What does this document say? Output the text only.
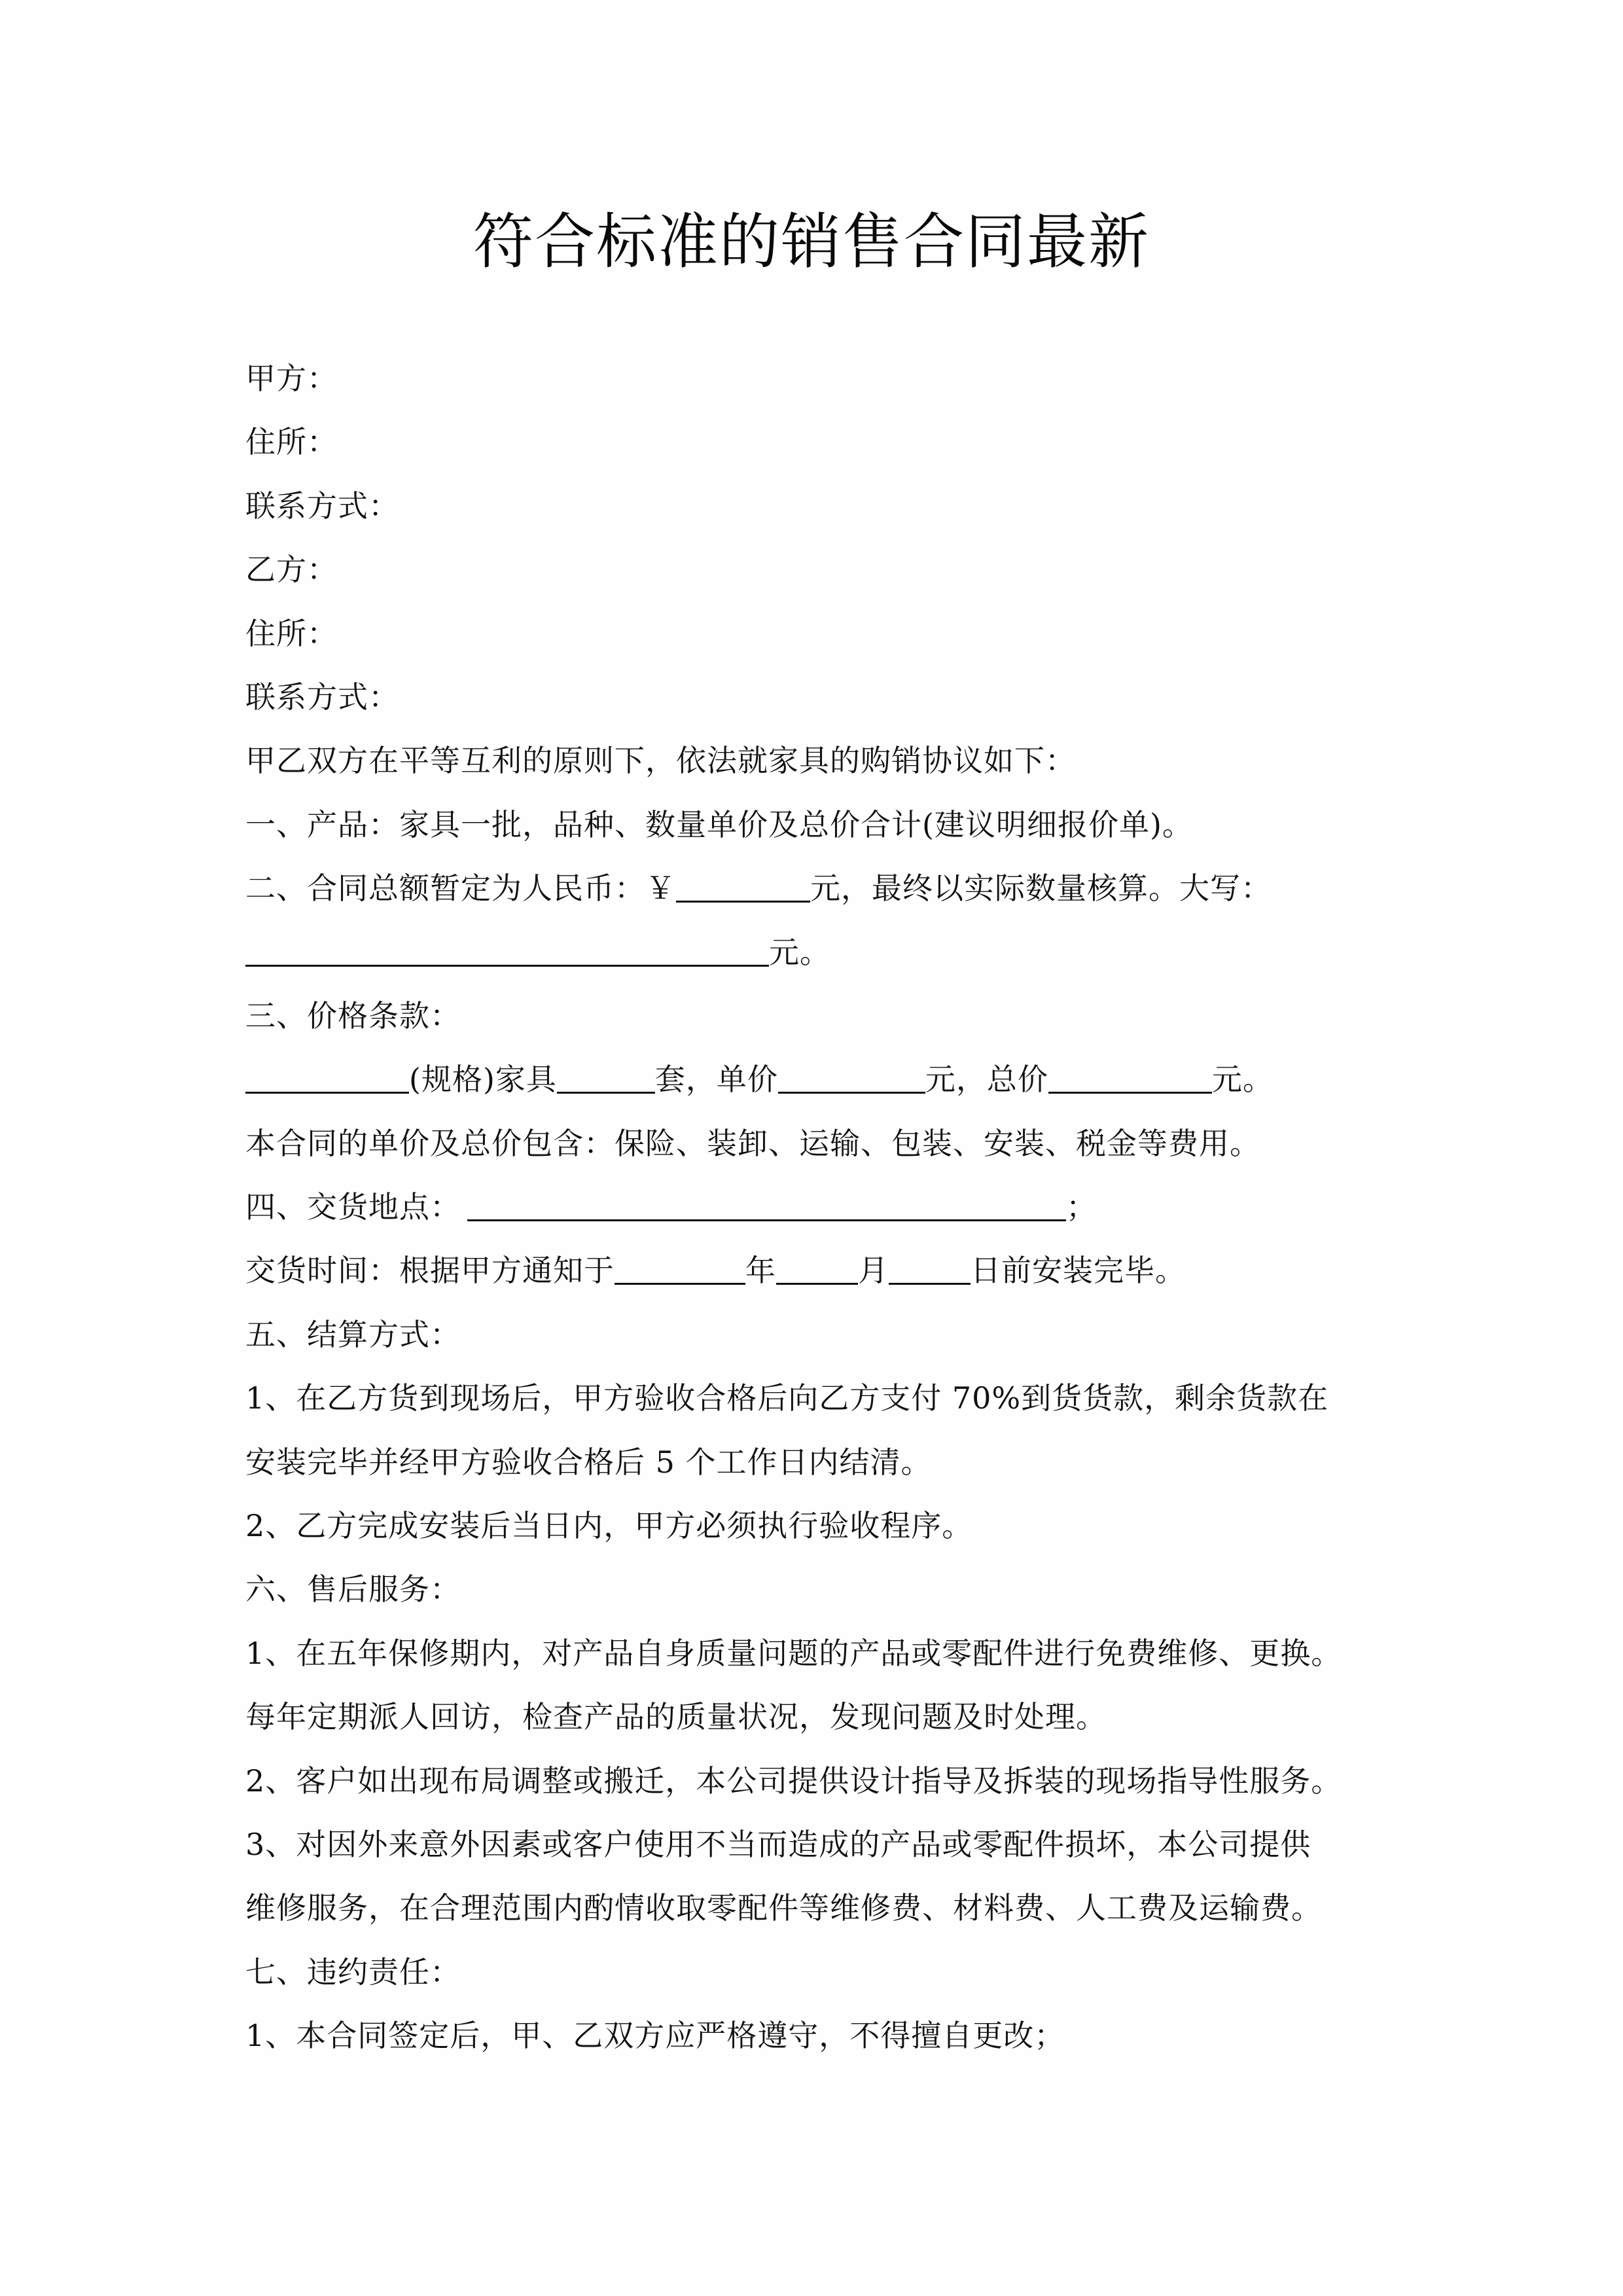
符合标准的销售合同最新
甲方：
住所：
联系方式：
乙方：
住所：
联系方式：
甲乙双方在平等互利的原则下，依法就家具的购销协议如下：
一、产品：家具一批，品种、数量单价及总价合计(建议明细报价单)。
二、合同总额暂定为人民币：￥	元，最终以实际数量核算。大写：
元。
三、价格条款：
(规格)家具	套，单价	元，总价	元。
本合同的单价及总价包含：保险、装卸、运输、包装、安装、税金等费用。
四、交货地点：	；
交货时间：根据甲方通知于	年	月	日前安装完毕。
五、结算方式：
1、在乙方货到现场后，甲方验收合格后向乙方支付 70%到货货款，剩余货款在
安装完毕并经甲方验收合格后 5 个工作日内结清。
2、乙方完成安装后当日内，甲方必须执行验收程序。
六、售后服务：
1、在五年保修期内，对产品自身质量问题的产品或零配件进行免费维修、更换。
每年定期派人回访，检查产品的质量状况，发现问题及时处理。
2、客户如出现布局调整或搬迁，本公司提供设计指导及拆装的现场指导性服务。
3、对因外来意外因素或客户使用不当而造成的产品或零配件损坏，本公司提供
维修服务，在合理范围内酌情收取零配件等维修费、材料费、人工费及运输费。
七、违约责任：
1、本合同签定后，甲、乙双方应严格遵守，不得擅自更改；
